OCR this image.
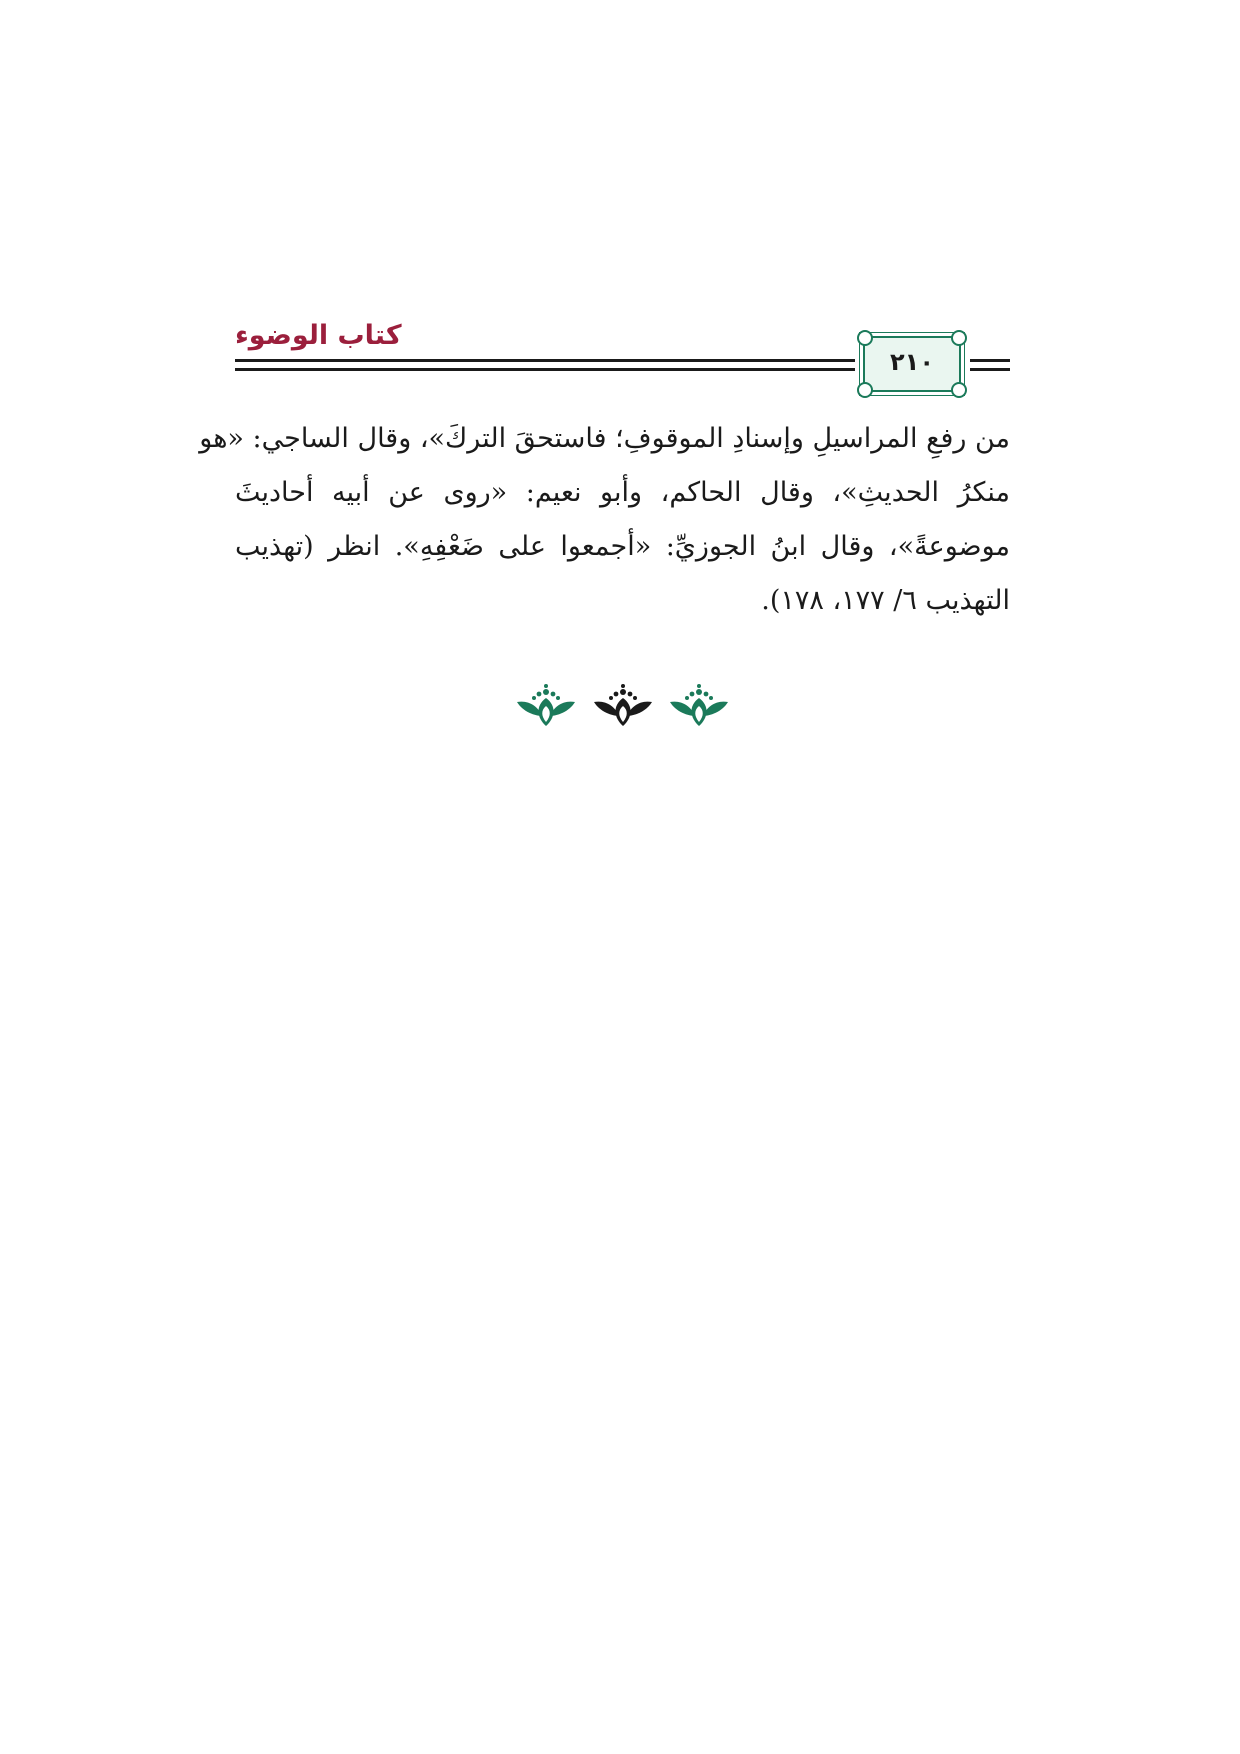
كتاب الوضوء
٢١٠
من رفعِ المراسيلِ وإسنادِ الموقوفِ؛ فاستحقَ التركَ»، وقال الساجي: «هو
منكرُ الحديثِ»، وقال الحاكم، وأبو نعيم: «روى عن أبيه أحاديثَ
موضوعةً»، وقال ابنُ الجوزيِّ: «أجمعوا على ضَعْفِهِ». انظر (تهذيب
التهذيب ٦/ ١٧٧، ١٧٨).
